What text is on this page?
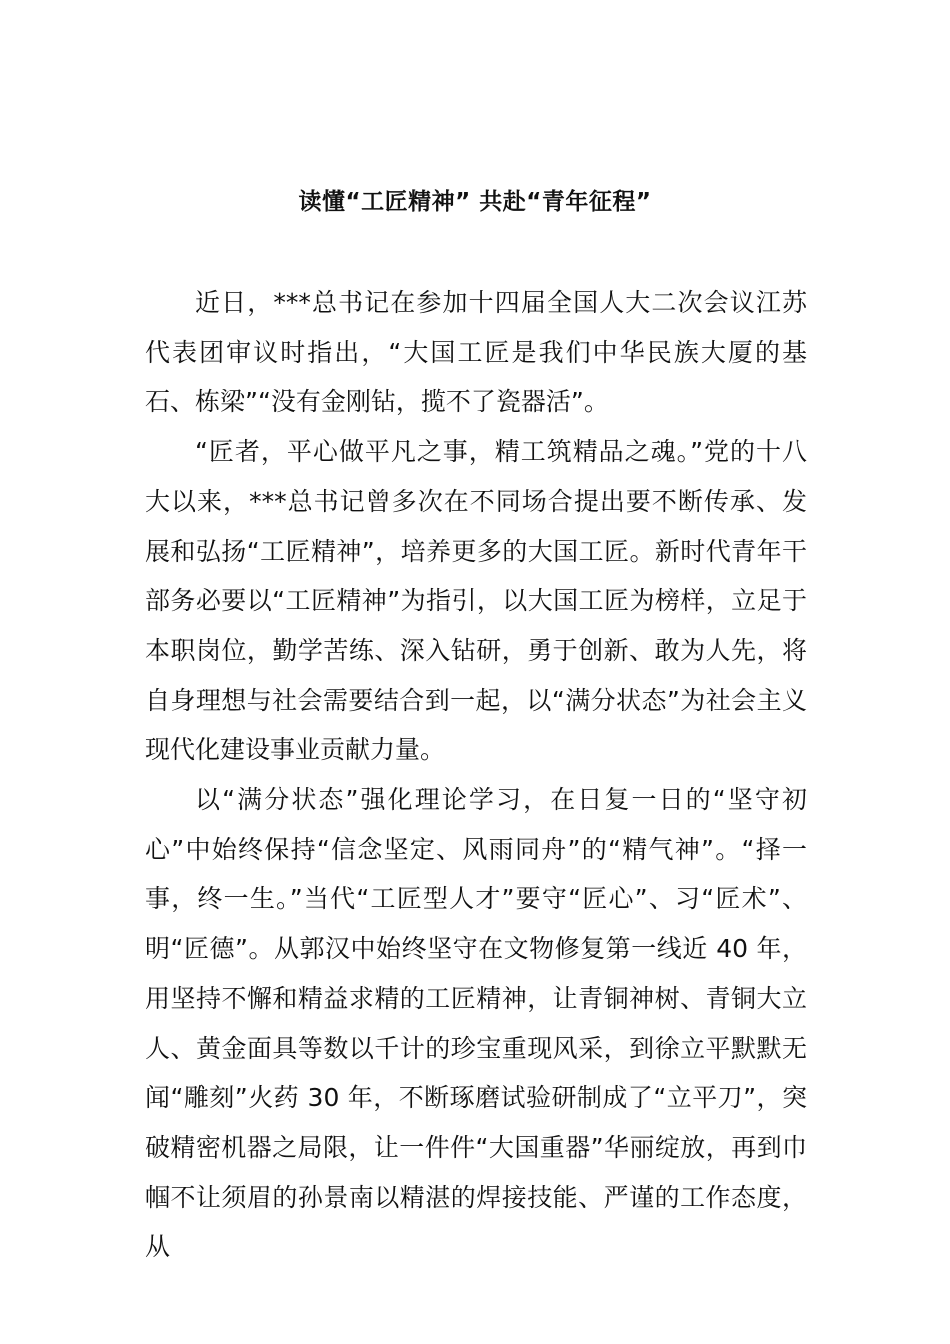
读懂“工匠精神” 共赴“青年征程”

近日，***总书记在参加十四届全国人大二次会议江苏代表团审议时指出，“大国工匠是我们中华民族大厦的基石、栋梁”“没有金刚钻，揽不了瓷器活”。

“匠者，平心做平凡之事，精工筑精品之魂。”党的十八大以来，***总书记曾多次在不同场合提出要不断传承、发展和弘扬“工匠精神”，培养更多的大国工匠。新时代青年干部务必要以“工匠精神”为指引，以大国工匠为榜样，立足于本职岗位，勤学苦练、深入钻研，勇于创新、敢为人先，将自身理想与社会需要结合到一起，以“满分状态”为社会主义现代化建设事业贡献力量。

以“满分状态”强化理论学习，在日复一日的“坚守初心”中始终保持“信念坚定、风雨同舟”的“精气神”。“择一事，终一生。”当代“工匠型人才”要守“匠心”、习“匠术”、明“匠德”。从郭汉中始终坚守在文物修复第一线近 40 年，用坚持不懈和精益求精的工匠精神，让青铜神树、青铜大立人、黄金面具等数以千计的珍宝重现风采，到徐立平默默无闻“雕刻”火药 30 年，不断琢磨试验研制成了“立平刀”，突破精密机器之局限，让一件件“大国重器”华丽绽放，再到巾帼不让须眉的孙景南以精湛的焊接技能、严谨的工作态度，从
